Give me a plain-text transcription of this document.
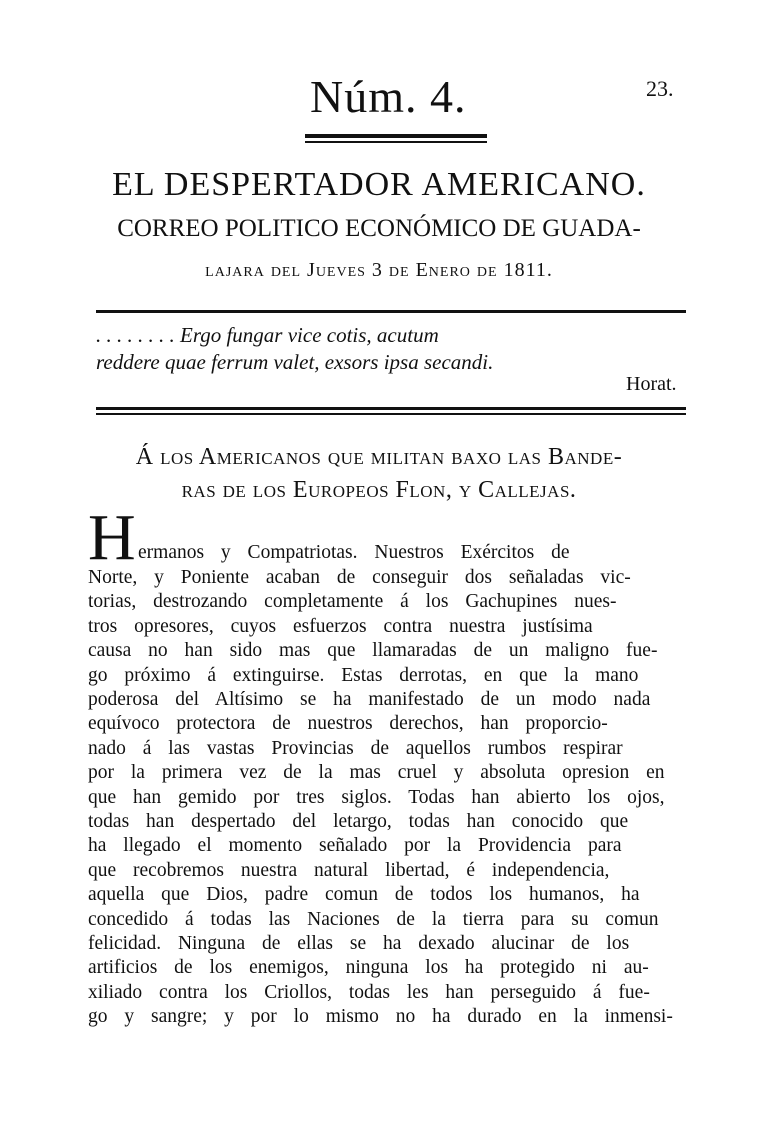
Núm. 4.	23.
EL DESPERTADOR AMERICANO.
CORREO POLITICO ECONÓMICO DE GUADA-
lajara del Jueves 3 de Enero de 1811.
. . . . . . . . Ergo fungar vice cotis, acutum
reddere quae ferrum valet, exsors ipsa secandi.
Horat.
Á los Americanos que militan baxo las Bande-
ras de los Europeos Flon, y Callejas.
H ermanos y Compatriotas. Nuestros Exércitos de
Norte, y Poniente acaban de conseguir dos señaladas vic-
torias, destrozando completamente á los Gachupines nues-
tros opresores, cuyos esfuerzos contra nuestra justísima
causa no han sido mas que llamaradas de un maligno fue-
go próximo á extinguirse. Estas derrotas, en que la mano
poderosa del Altísimo se ha manifestado de un modo nada
equívoco protectora de nuestros derechos, han proporcio-
nado á las vastas Provincias de aquellos rumbos respirar
por la primera vez de la mas cruel y absoluta opresion en
que han gemido por tres siglos. Todas han abierto los ojos,
todas han despertado del letargo, todas han conocido que
ha llegado el momento señalado por la Providencia para
que recobremos nuestra natural libertad, é independencia,
aquella que Dios, padre comun de todos los humanos, ha
concedido á todas las Naciones de la tierra para su comun
felicidad. Ninguna de ellas se ha dexado alucinar de los
artificios de los enemigos, ninguna los ha protegido ni au-
xiliado contra los Criollos, todas les han perseguido á fue-
go y sangre; y por lo mismo no ha durado en la inmensi-
